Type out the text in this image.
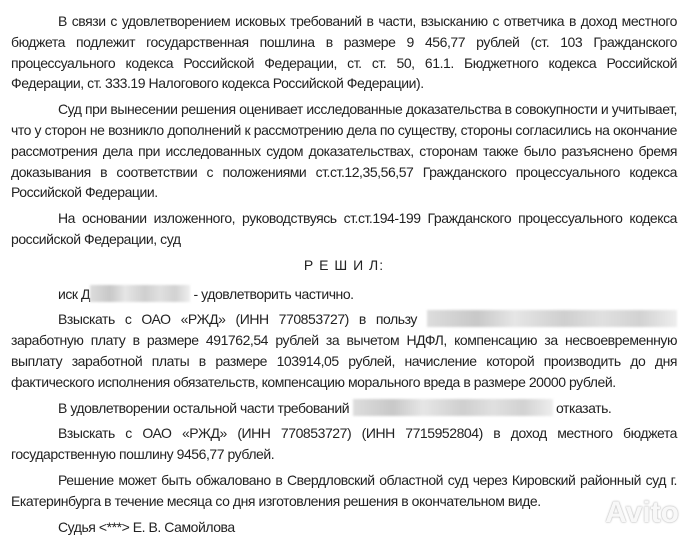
В связи с удовлетворением исковых требований в части, взысканию с ответчика в доход местного бюджета подлежит государственная пошлина в размере 9 456,77 рублей (ст. 103 Гражданского процессуального кодекса Российской Федерации, ст. ст. 50, 61.1. Бюджетного кодекса Российской Федерации, ст. 333.19 Налогового кодекса Российской Федерации).

Суд при вынесении решения оценивает исследованные доказательства в совокупности и учитывает, что у сторон не возникло дополнений к рассмотрению дела по существу, стороны согласились на окончание рассмотрения дела при исследованных судом доказательствах, сторонам также было разъяснено бремя доказывания в соответствии с положениями ст.ст.12,35,56,57 Гражданского процессуального кодекса Российской Федерации.

На основании изложенного, руководствуясь ст.ст.194-199 Гражданского процессуального кодекса российской Федерации, суд

Р Е Ш И Л:

иск Д	- удовлетворить частично.

Взыскать с ОАО «РЖД» (ИНН 770853727) в пользу  заработную плату в размере 491762,54 рублей за вычетом НДФЛ, компенсацию за несвоевременную выплату заработной платы в размере 103914,05 рублей, начисление которой производить до дня фактического исполнения обязательств, компенсацию морального вреда в размере 20000 рублей.

В удовлетворении остальной части требований	отказать.

Взыскать с ОАО «РЖД» (ИНН 770853727) (ИНН 7715952804) в доход местного бюджета государственную пошлину 9456,77 рублей.

Решение может быть обжаловано в Свердловский областной суд через Кировский районный суд г. Екатеринбурга в течение месяца со дня изготовления решения в окончательном виде.

Судья <***> Е. В. Самойлова	Avito
